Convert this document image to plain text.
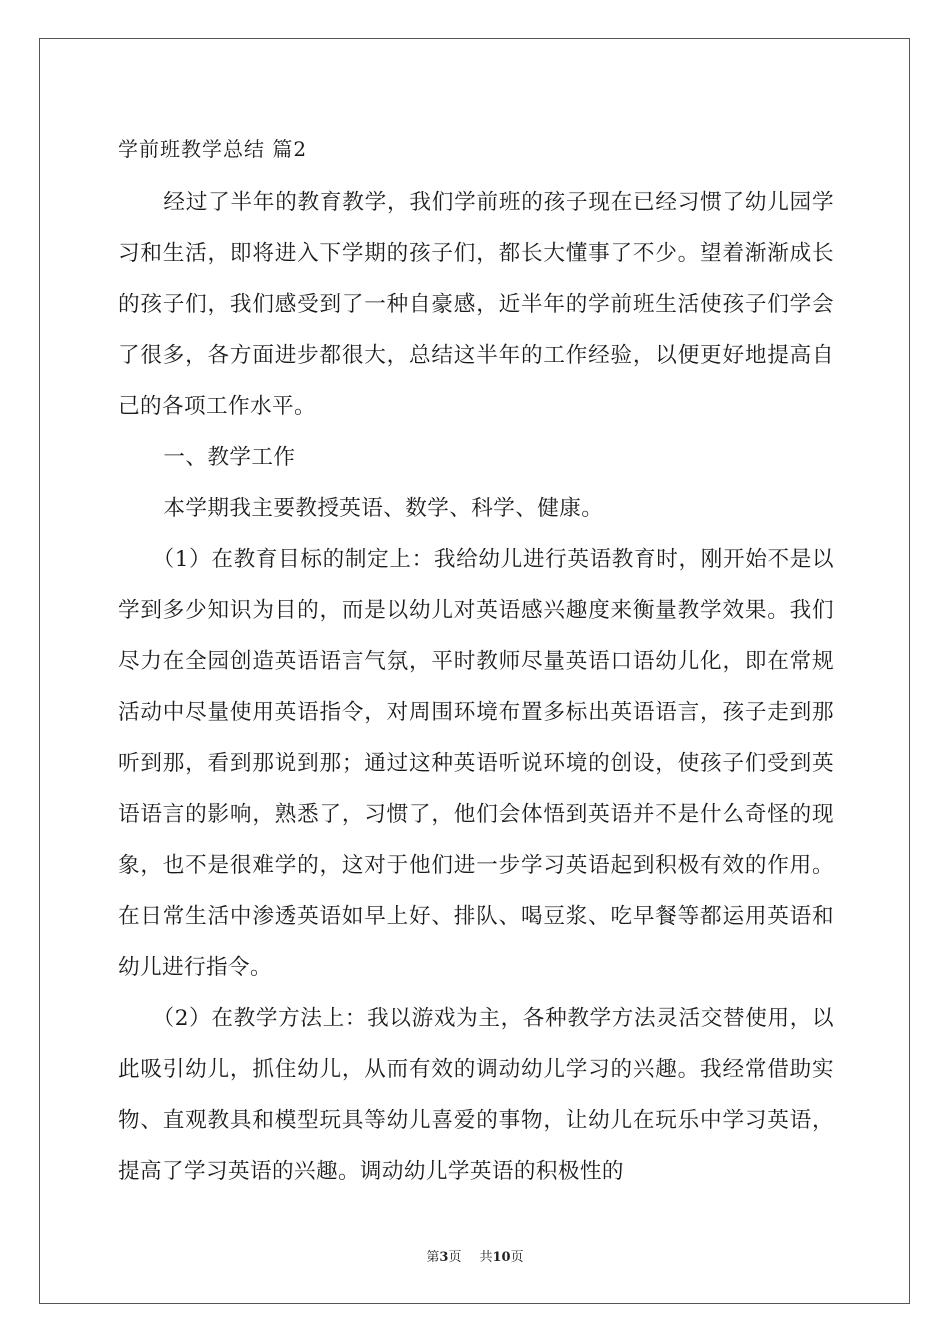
学前班教学总结 篇2

经过了半年的教育教学，我们学前班的孩子现在已经习惯了幼儿园学习和生活，即将进入下学期的孩子们，都长大懂事了不少。望着渐渐成长的孩子们，我们感受到了一种自豪感，近半年的学前班生活使孩子们学会了很多，各方面进步都很大，总结这半年的工作经验，以便更好地提高自己的各项工作水平。

一、教学工作

本学期我主要教授英语、数学、科学、健康。

（1）在教育目标的制定上：我给幼儿进行英语教育时，刚开始不是以学到多少知识为目的，而是以幼儿对英语感兴趣度来衡量教学效果。我们尽力在全园创造英语语言气氛，平时教师尽量英语口语幼儿化，即在常规活动中尽量使用英语指令，对周围环境布置多标出英语语言，孩子走到那听到那，看到那说到那；通过这种英语听说环境的创设，使孩子们受到英语语言的影响，熟悉了，习惯了，他们会体悟到英语并不是什么奇怪的现象，也不是很难学的，这对于他们进一步学习英语起到积极有效的作用。在日常生活中渗透英语如早上好、排队、喝豆浆、吃早餐等都运用英语和幼儿进行指令。

（2）在教学方法上：我以游戏为主，各种教学方法灵活交替使用，以此吸引幼儿，抓住幼儿，从而有效的调动幼儿学习的兴趣。我经常借助实物、直观教具和模型玩具等幼儿喜爱的事物，让幼儿在玩乐中学习英语，提高了学习英语的兴趣。调动幼儿学英语的积极性的

第3页 共10页
